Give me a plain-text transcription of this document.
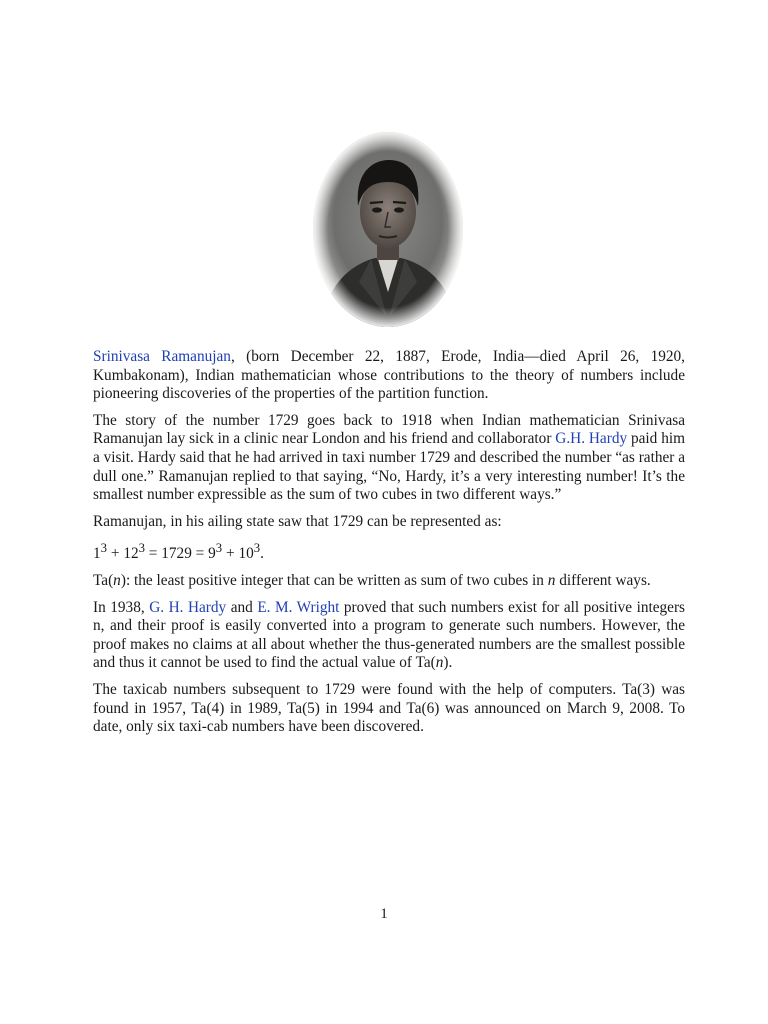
Srinivasa Ramanujan, (born December 22, 1887, Erode, India—died April 26, 1920, Kumbakonam), Indian mathematician whose contributions to the theory of numbers include pioneering discoveries of the properties of the partition function.

The story of the number 1729 goes back to 1918 when Indian mathematician Srinivasa Ramanujan lay sick in a clinic near London and his friend and collaborator G.H. Hardy paid him a visit. Hardy said that he had arrived in taxi number 1729 and described the number “as rather a dull one.” Ramanujan replied to that saying, “No, Hardy, it’s a very interesting number! It’s the smallest number expressible as the sum of two cubes in two different ways.”

Ramanujan, in his ailing state saw that 1729 can be represented as:

$1^3 + 12^3 = 1729 = 9^3 + 10^3$.

Ta(n): the least positive integer that can be written as sum of two cubes in n different ways.

In 1938, G. H. Hardy and E. M. Wright proved that such numbers exist for all positive integers n, and their proof is easily converted into a program to generate such numbers. However, the proof makes no claims at all about whether the thus-generated numbers are the smallest possible and thus it cannot be used to find the actual value of Ta(n).

The taxicab numbers subsequent to 1729 were found with the help of computers. Ta(3) was found in 1957, Ta(4) in 1989, Ta(5) in 1994 and Ta(6) was announced on March 9, 2008. To date, only six taxi-cab numbers have been discovered.

1
